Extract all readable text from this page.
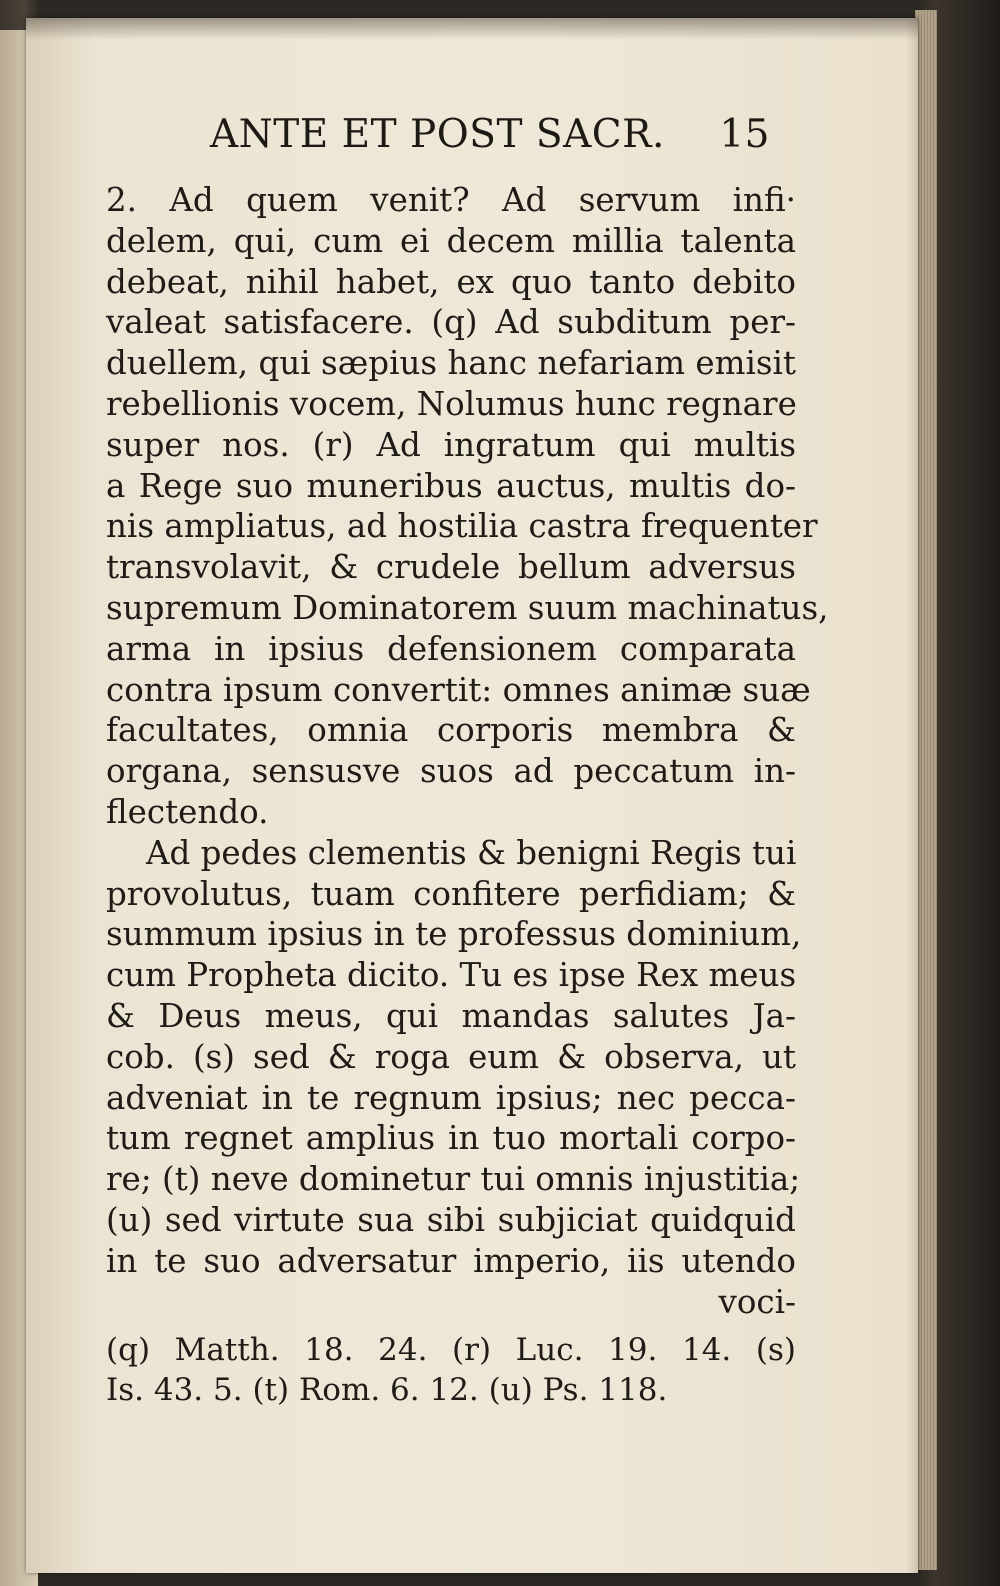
ANTE ET POST SACR. 15
2. Ad quem venit? Ad servum infi·
delem, qui, cum ei decem millia talenta
debeat, nihil habet, ex quo tanto debito
valeat satisfacere. (q) Ad subditum per-
duellem, qui sæpius hanc nefariam emisit
rebellionis vocem, Nolumus hunc regnare
super nos. (r) Ad ingratum qui multis
a Rege suo muneribus auctus, multis do-
nis ampliatus, ad hostilia castra frequenter
transvolavit, & crudele bellum adversus
supremum Dominatorem suum machinatus,
arma in ipsius defensionem comparata
contra ipsum convertit: omnes animæ suæ
facultates, omnia corporis membra &
organa, sensusve suos ad peccatum in-
flectendo.
Ad pedes clementis & benigni Regis tui
provolutus, tuam confitere perfidiam; &
summum ipsius in te professus dominium,
cum Propheta dicito. Tu es ipse Rex meus
& Deus meus, qui mandas salutes Ja-
cob. (s) sed & roga eum & observa, ut
adveniat in te regnum ipsius; nec pecca-
tum regnet amplius in tuo mortali corpo-
re; (t) neve dominetur tui omnis injustitia;
(u) sed virtute sua sibi subjiciat quidquid
in te suo adversatur imperio, iis utendo
voci-
(q) Matth. 18. 24. (r) Luc. 19. 14. (s)
Is. 43. 5. (t) Rom. 6. 12. (u) Ps. 118.
